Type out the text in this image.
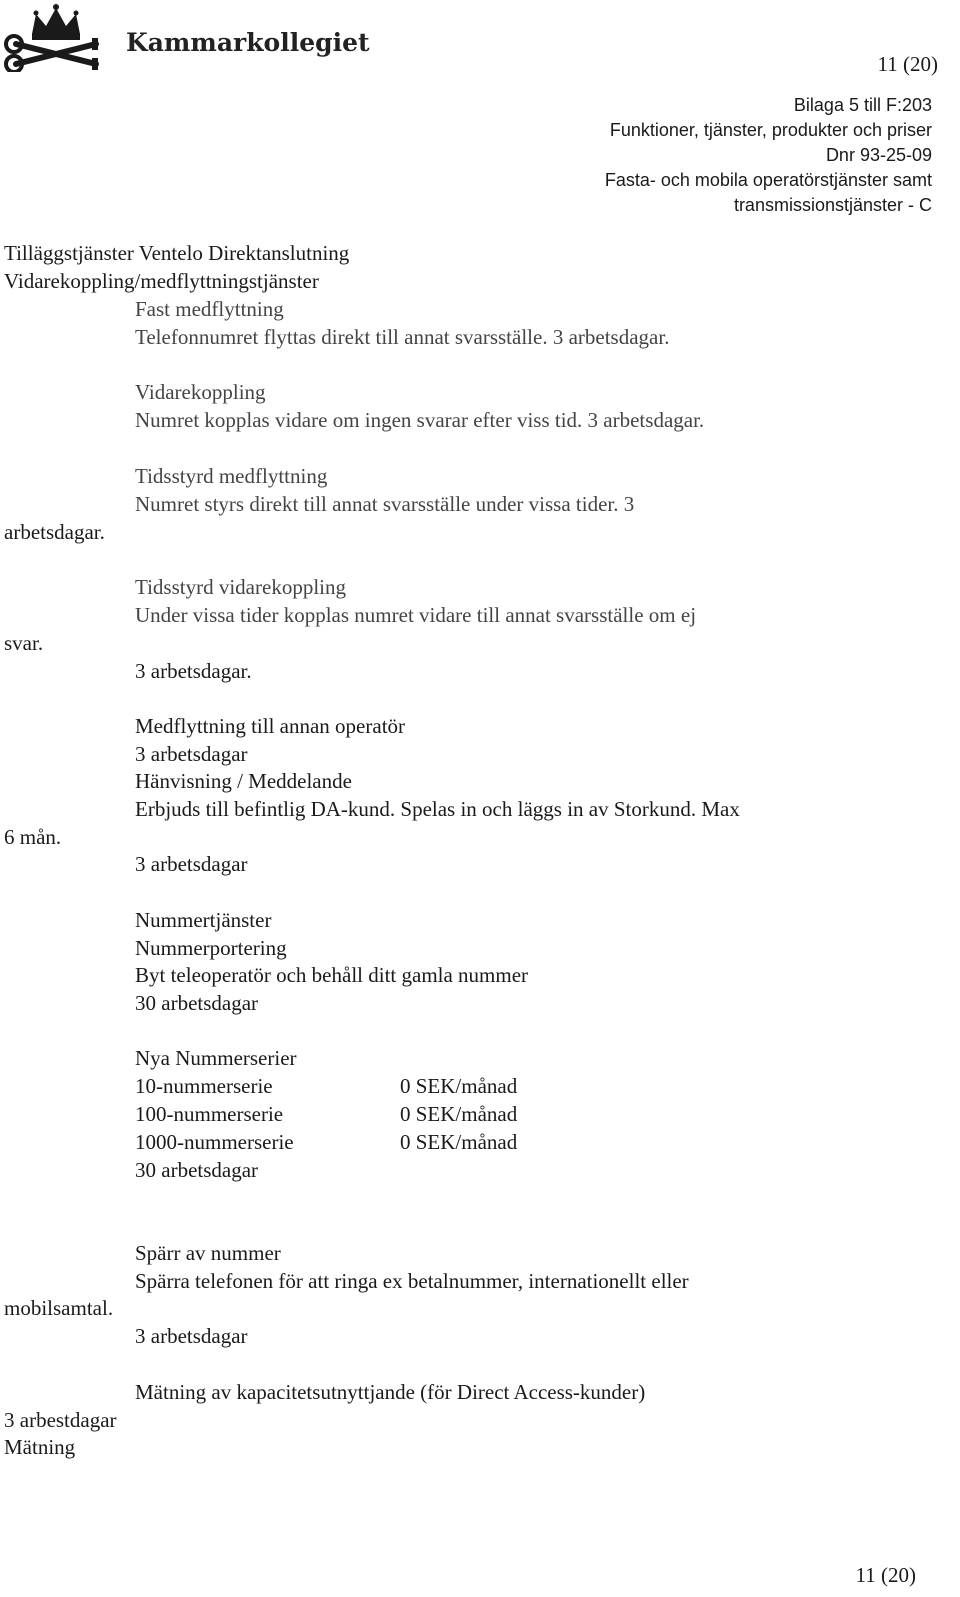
Kammarkollegiet
11 (20)
Bilaga 5 till F:203
Funktioner, tjänster, produkter och priser
Dnr 93-25-09
Fasta- och mobila operatörstjänster samt
transmissionstjänster - C
Tilläggstjänster Ventelo Direktanslutning
Vidarekoppling/medflyttningstjänster
Fast medflyttning
Telefonnumret flyttas direkt till annat svarsställe. 3 arbetsdagar.
Vidarekoppling
Numret kopplas vidare om ingen svarar efter viss tid. 3 arbetsdagar.
Tidsstyrd medflyttning
Numret styrs direkt till annat svarsställe under vissa tider. 3
arbetsdagar.
Tidsstyrd vidarekoppling
Under vissa tider kopplas numret vidare till annat svarsställe om ej
svar.
3 arbetsdagar.
Medflyttning till annan operatör
3 arbetsdagar
Hänvisning / Meddelande
Erbjuds till befintlig DA-kund. Spelas in och läggs in av Storkund. Max
6 mån.
3 arbetsdagar
Nummertjänster
Nummerportering
Byt teleoperatör och behåll ditt gamla nummer
30 arbetsdagar
Nya Nummerserier
10-nummerserie	0 SEK/månad
100-nummerserie	0 SEK/månad
1000-nummerserie	0 SEK/månad
30 arbetsdagar
Spärr av nummer
Spärra telefonen för att ringa ex betalnummer, internationellt eller
mobilsamtal.
3 arbetsdagar
Mätning av kapacitetsutnyttjande (för Direct Access-kunder)
3 arbestdagar
Mätning
11 (20)
